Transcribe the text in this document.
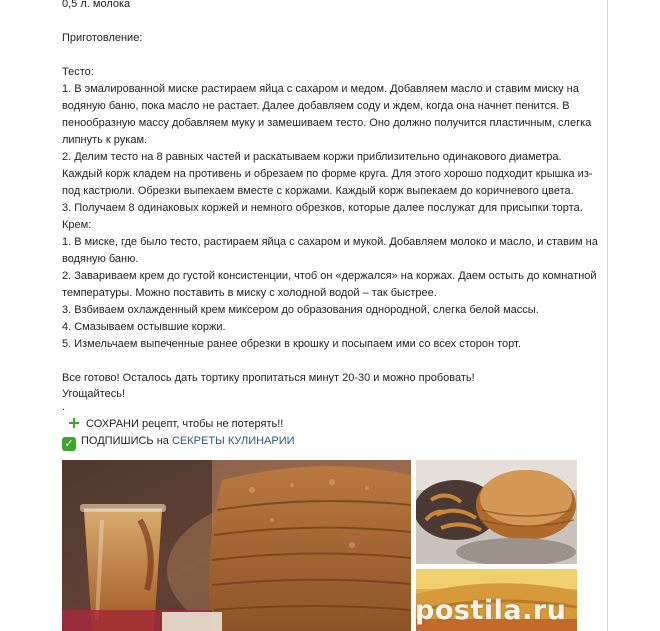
0,5 л. молока
Приготовление:
Тесто:
1. В эмалированной миске растираем яйца с сахаром и медом. Добавляем масло и ставим миску на
водяную баню, пока масло не растает. Далее добавляем соду и ждем, когда она начнет пенится. В
пенообразную массу добавляем муку и замешиваем тесто. Оно должно получится пластичным, слегка
липнуть к рукам.
2. Делим тесто на 8 равных частей и раскатываем коржи приблизительно одинакового диаметра.
Каждый корж кладем на противень и обрезаем по форме круга. Для этого хорошо подходит крышка из-
под кастрюли. Обрезки выпекаем вместе с коржами. Каждый корж выпекаем до коричневого цвета.
3. Получаем 8 одинаковых коржей и немного обрезков, которые далее послужат для присыпки торта.
Крем:
1. В миске, где было тесто, растираем яйца с сахаром и мукой. Добавляем молоко и масло, и ставим на
водяную баню.
2. Завариваем крем до густой консистенции, чтоб он «держался» на коржах. Даем остыть до комнатной
температуры. Можно поставить в миску с холодной водой – так быстрее.
3. Взбиваем охлажденный крем миксером до образования однородной, слегка белой массы.
4. Смазываем остывшие коржи.
5. Измельчаем выпеченные ранее обрезки в крошку и посыпаем ими со всех сторон торт.
Все готово! Осталось дать тортику пропитаться минут 20-30 и можно пробовать!
Угощайтесь!
.
СОХРАНИ рецепт, чтобы не потерять!!
✓ ПОДПИШИСЬ на СЕКРЕТЫ КУЛИНАРИИ
postila.ru
